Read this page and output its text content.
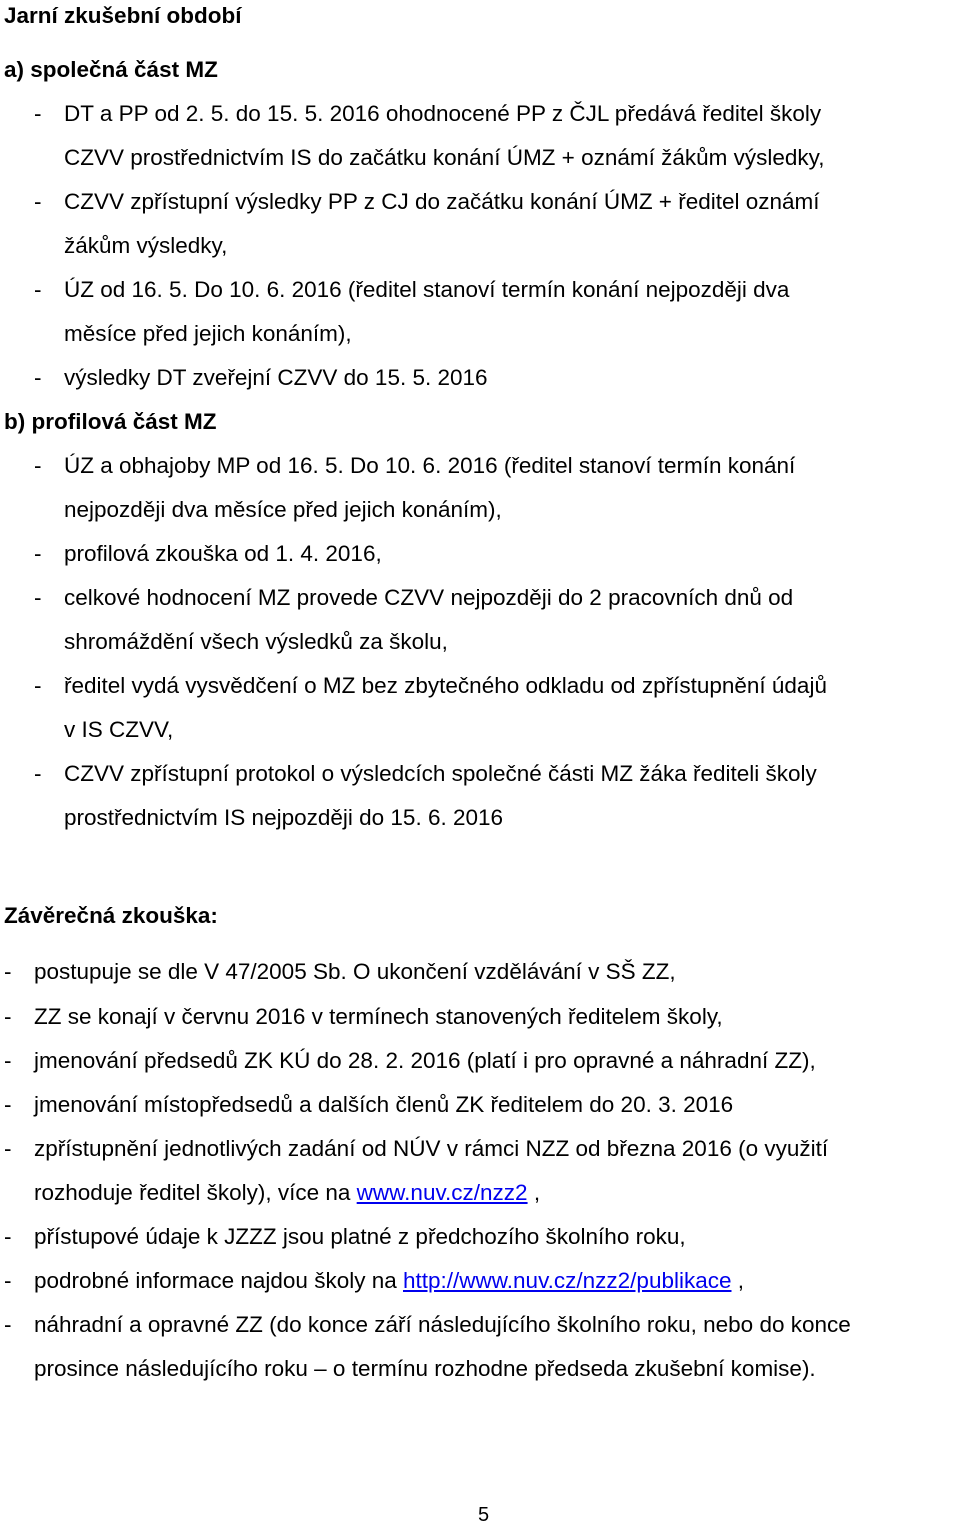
Jarní zkušební období
a) společná část MZ
- DT a PP od 2. 5. do 15. 5. 2016 ohodnocené PP z ČJL předává ředitel školy
CZVV prostřednictvím IS do začátku konání ÚMZ + oznámí žákům výsledky,
- CZVV zpřístupní výsledky PP z CJ do začátku konání ÚMZ + ředitel oznámí
žákům výsledky,
- ÚZ od 16. 5. Do 10. 6. 2016 (ředitel stanoví termín konání nejpozději dva
měsíce před jejich konáním),
- výsledky DT zveřejní CZVV do 15. 5. 2016
b) profilová část MZ
- ÚZ a obhajoby MP od 16. 5. Do 10. 6. 2016 (ředitel stanoví termín konání
nejpozději dva měsíce před jejich konáním),
- profilová zkouška od 1. 4. 2016,
- celkové hodnocení MZ provede CZVV nejpozději do 2 pracovních dnů od
shromáždění všech výsledků za školu,
- ředitel vydá vysvědčení o MZ bez zbytečného odkladu od zpřístupnění údajů
v IS CZVV,
- CZVV zpřístupní protokol o výsledcích společné části MZ žáka řediteli školy
prostřednictvím IS nejpozději do 15. 6. 2016
Závěrečná zkouška:
- postupuje se dle V 47/2005 Sb. O ukončení vzdělávání v SŠ ZZ,
- ZZ se konají v červnu 2016 v termínech stanovených ředitelem školy,
- jmenování předsedů ZK KÚ do 28. 2. 2016 (platí i pro opravné a náhradní ZZ),
- jmenování místopředsedů a dalších členů ZK ředitelem do 20. 3. 2016
- zpřístupnění jednotlivých zadání od NÚV v rámci NZZ od března 2016 (o využití
rozhoduje ředitel školy), více na www.nuv.cz/nzz2 ,
- přístupové údaje k JZZZ jsou platné z předchozího školního roku,
- podrobné informace najdou školy na http://www.nuv.cz/nzz2/publikace ,
- náhradní a opravné ZZ (do konce září následujícího školního roku, nebo do konce
prosince následujícího roku – o termínu rozhodne předseda zkušební komise).
5
